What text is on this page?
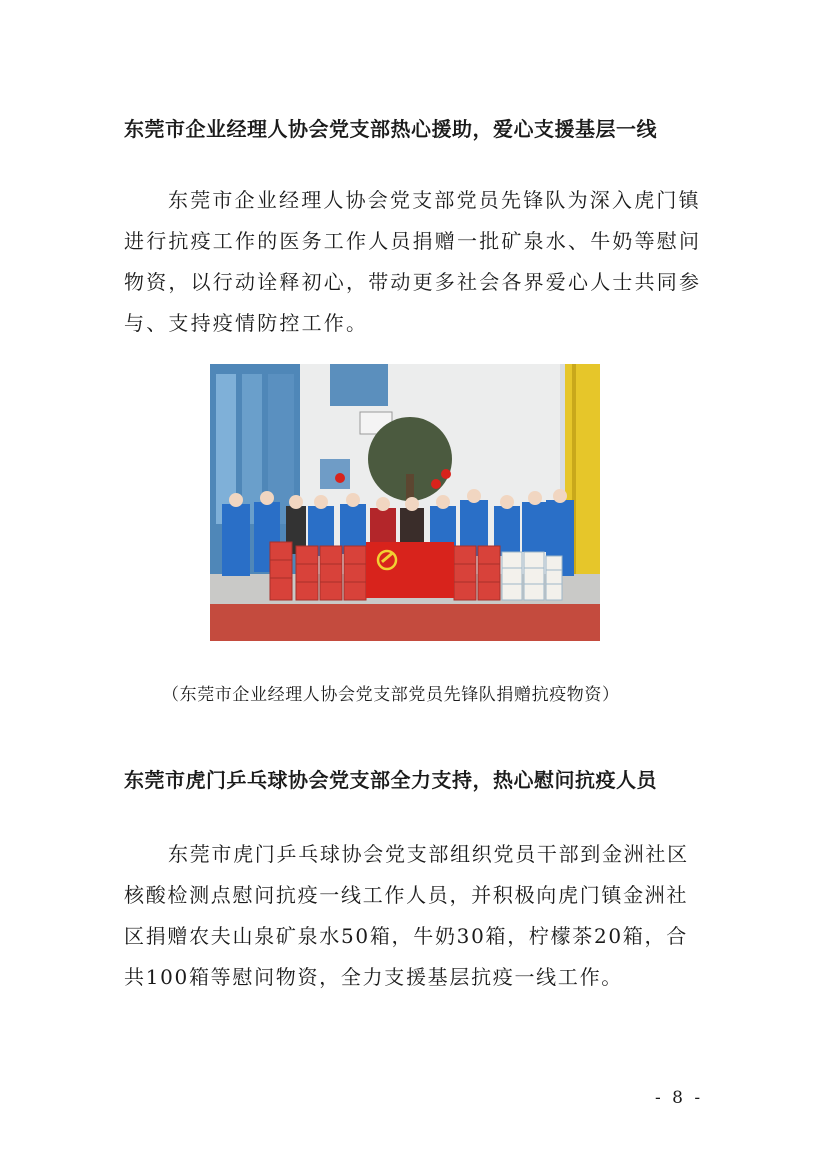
东莞市企业经理人协会党支部热心援助，爱心支援基层一线
东莞市企业经理人协会党支部党员先锋队为深入虎门镇进行抗疫工作的医务工作人员捐赠一批矿泉水、牛奶等慰问物资，以行动诠释初心，带动更多社会各界爱心人士共同参与、支持疫情防控工作。
（东莞市企业经理人协会党支部党员先锋队捐赠抗疫物资）
东莞市虎门乒乓球协会党支部全力支持，热心慰问抗疫人员
东莞市虎门乒乓球协会党支部组织党员干部到金洲社区核酸检测点慰问抗疫一线工作人员，并积极向虎门镇金洲社区捐赠农夫山泉矿泉水50箱，牛奶30箱，柠檬茶20箱，合共100箱等慰问物资，全力支援基层抗疫一线工作。
- 8 -
